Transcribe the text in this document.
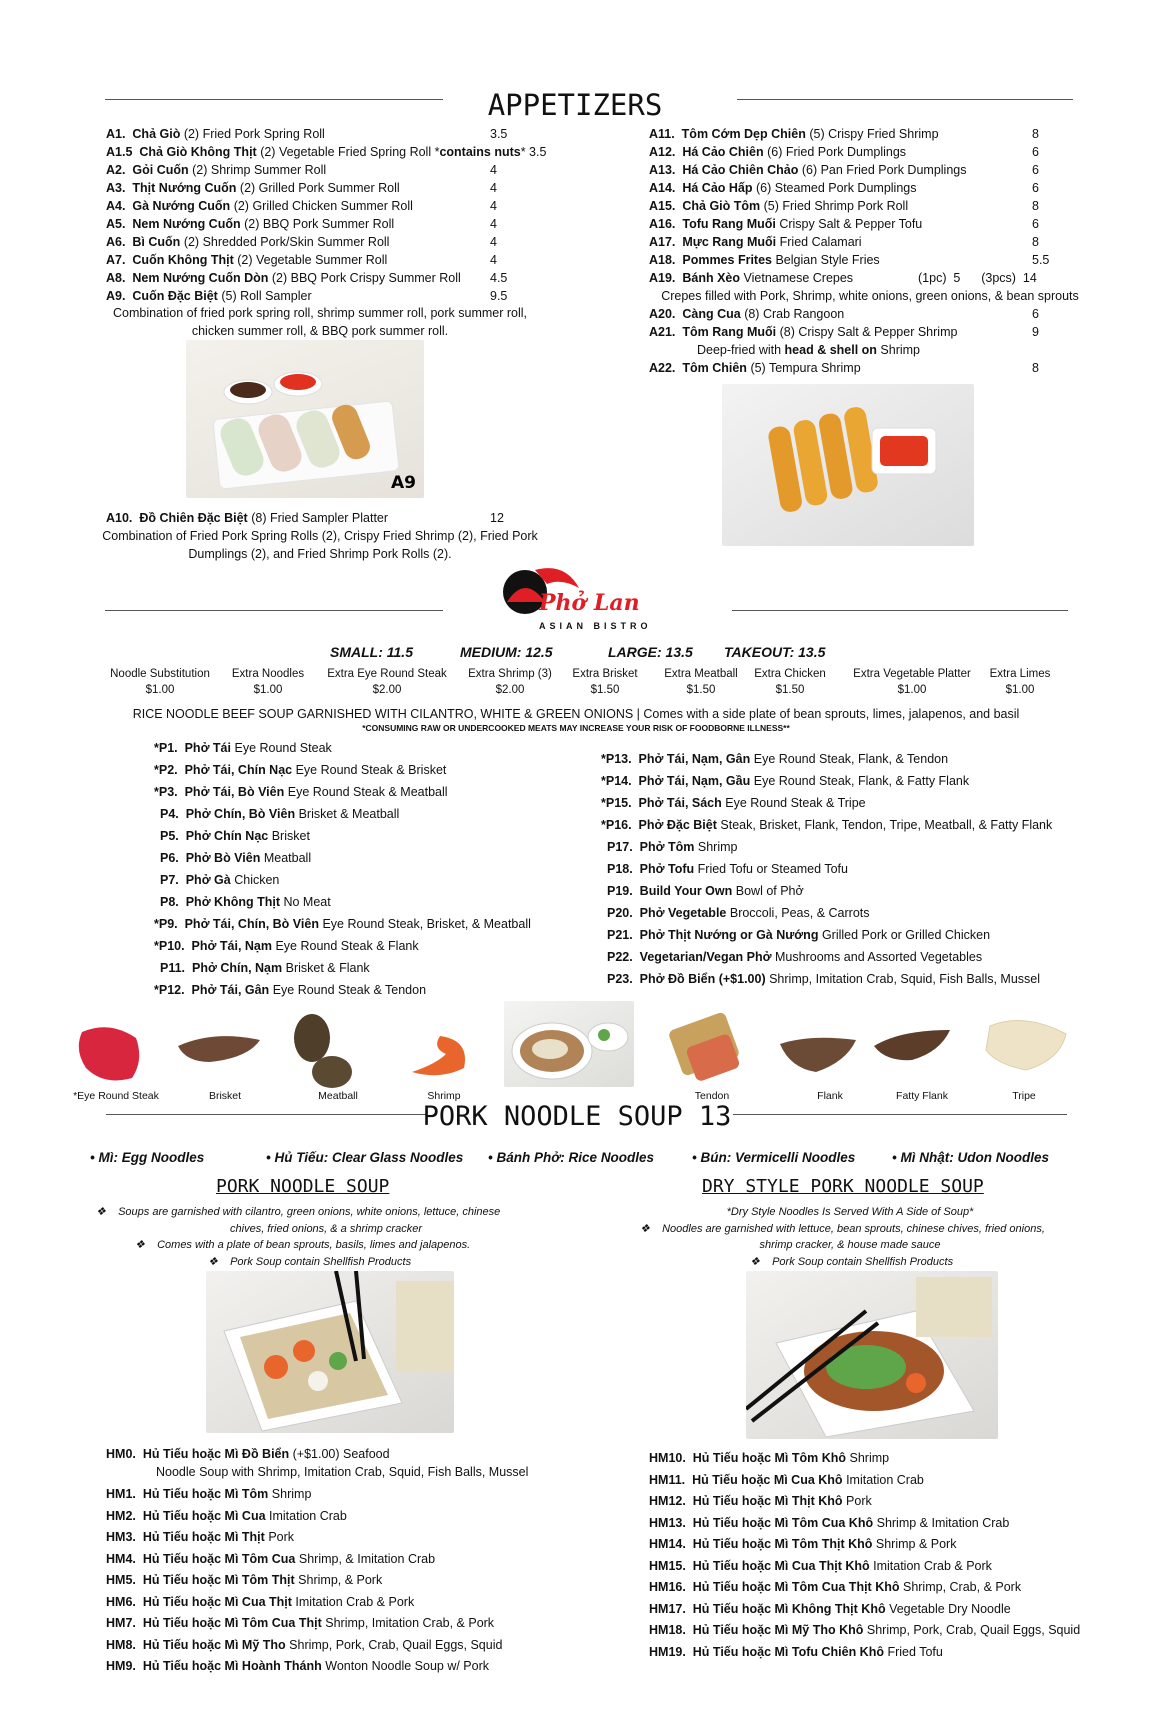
APPETIZERS
A1. Chả Giò (2) Fried Pork Spring Roll	3.5
A1.5 Chả Giò Không Thịt (2) Vegetable Fried Spring Roll *contains nuts* 3.5
A2. Gỏi Cuốn (2) Shrimp Summer Roll	4
A3. Thịt Nướng Cuốn (2) Grilled Pork Summer Roll	4
A4. Gà Nướng Cuốn (2) Grilled Chicken Summer Roll	4
A5. Nem Nướng Cuốn (2) BBQ Pork Summer Roll	4
A6. Bì Cuốn (2) Shredded Pork/Skin Summer Roll	4
A7. Cuốn Không Thịt (2) Vegetable Summer Roll	4
A8. Nem Nướng Cuốn Dòn (2) BBQ Pork Crispy Summer Roll 4.5
A9. Cuốn Đặc Biệt (5) Roll Sampler	9.5
A11. Tôm Cớm Dẹp Chiên (5) Crispy Fried Shrimp	8
A12. Há Cảo Chiên (6) Fried Pork Dumplings	6
A13. Há Cảo Chiên Chảo (6) Pan Fried Pork Dumplings	6
A14. Há Cảo Hấp (6) Steamed Pork Dumplings	6
A15. Chả Giò Tôm (5) Fried Shrimp Pork Roll	8
A16. Tofu Rang Muối Crispy Salt & Pepper Tofu	6
A17. Mực Rang Muối Fried Calamari	8
A18. Pommes Frites Belgian Style Fries	5.5
A19. Bánh Xèo Vietnamese Crepes	(1pc)  5      (3pcs)  14
Combination of fried pork spring roll, shrimp summer roll, pork summer roll,
chicken summer roll, & BBQ pork summer roll.
A9
A10. Đồ Chiên Đặc Biệt (8) Fried Sampler Platter	12
Combination of Fried Pork Spring Rolls (2), Crispy Fried Shrimp (2), Fried Pork
Dumplings (2), and Fried Shrimp Pork Rolls (2).
Crepes filled with Pork, Shrimp, white onions, green onions, & bean sprouts
A20. Càng Cua (8) Crab Rangoon	6
A21. Tôm Rang Muối (8) Crispy Salt & Pepper Shrimp	9
Deep-fried with head & shell on Shrimp
A22. Tôm Chiên (5) Tempura Shrimp	8
Phở Lan
ASIAN BISTRO
SMALL: 11.5	MEDIUM: 12.5	LARGE: 13.5 TAKEOUT: 13.5
Noodle Substitution
$1.00
Extra Noodles
$1.00
Extra Eye Round Steak
$2.00
Extra Shrimp (3)
$2.00
Extra Brisket
$1.50
Extra Meatball
$1.50
Extra Chicken
$1.50
Extra Vegetable Platter
$1.00
Extra Limes
$1.00
RICE NOODLE BEEF SOUP GARNISHED WITH CILANTRO, WHITE & GREEN ONIONS | Comes with a side plate of bean sprouts, limes, jalapenos, and basil
*CONSUMING RAW OR UNDERCOOKED MEATS MAY INCREASE YOUR RISK OF FOODBORNE ILLNESS**
*P1. Phở Tái Eye Round Steak
*P2. Phở Tái, Chín Nạc Eye Round Steak & Brisket
*P3. Phở Tái, Bò Viên Eye Round Steak & Meatball
P4. Phở Chín, Bò Viên Brisket & Meatball
P5. Phở Chín Nạc Brisket
P6. Phở Bò Viên Meatball
P7. Phở Gà Chicken
P8. Phở Không Thịt No Meat
*P9. Phở Tái, Chín, Bò Viên Eye Round Steak, Brisket, & Meatball
*P10. Phở Tái, Nạm Eye Round Steak & Flank
P11. Phở Chín, Nạm Brisket & Flank
*P12. Phở Tái, Gân Eye Round Steak & Tendon
*P13. Phở Tái, Nạm, Gân Eye Round Steak, Flank, & Tendon
*P14. Phở Tái, Nạm, Gầu Eye Round Steak, Flank, & Fatty Flank
*P15. Phở Tái, Sách Eye Round Steak & Tripe
*P16. Phở Đặc Biệt Steak, Brisket, Flank, Tendon, Tripe, Meatball, & Fatty Flank
P17. Phở Tôm Shrimp
P18. Phở Tofu Fried Tofu or Steamed Tofu
P19. Build Your Own Bowl of Phở
P20. Phở Vegetable Broccoli, Peas, & Carrots
P21. Phở Thịt Nướng or Gà Nướng Grilled Pork or Grilled Chicken
P22. Vegetarian/Vegan Phở Mushrooms and Assorted Vegetables
P23. Phở Đồ Biển (+$1.00) Shrimp, Imitation Crab, Squid, Fish Balls, Mussel
*Eye Round Steak	Brisket	Meatball	Shrimp	Tendon	Flank	Fatty Flank	Tripe
PORK NOODLE SOUP 13
• Mì: Egg Noodles	• Hủ Tiếu: Clear Glass Noodles • Bánh Phở: Rice Noodles	• Bún: Vermicelli Noodles	• Mì Nhật: Udon Noodles
PORK NOODLE SOUP	DRY STYLE PORK NOODLE SOUP
❖    Soups are garnished with cilantro, green onions, white onions, lettuce, chinese
chives, fried onions, & a shrimp cracker
❖    Comes with a plate of bean sprouts, basils, limes and jalapenos.
❖    Pork Soup contain Shellfish Products
*Dry Style Noodles Is Served With A Side of Soup*
❖    Noodles are garnished with lettuce, bean sprouts, chinese chives, fried onions,
shrimp cracker, & house made sauce
❖    Pork Soup contain Shellfish Products
HM0. Hủ Tiếu hoặc Mì Đồ Biển (+$1.00) Seafood
Noodle Soup with Shrimp, Imitation Crab, Squid, Fish Balls, Mussel
HM1. Hủ Tiếu hoặc Mì Tôm Shrimp
HM2. Hủ Tiếu hoặc Mì Cua Imitation Crab
HM3. Hủ Tiếu hoặc Mì Thịt Pork
HM4. Hủ Tiếu hoặc Mì Tôm Cua Shrimp, & Imitation Crab
HM5. Hủ Tiếu hoặc Mì Tôm Thịt Shrimp, & Pork
HM6. Hủ Tiếu hoặc Mì Cua Thịt Imitation Crab & Pork
HM7. Hủ Tiếu hoặc Mì Tôm Cua Thịt Shrimp, Imitation Crab, & Pork
HM8. Hủ Tiếu hoặc Mì Mỹ Tho Shrimp, Pork, Crab, Quail Eggs, Squid
HM9. Hủ Tiếu hoặc Mì Hoành Thánh Wonton Noodle Soup w/ Pork
HM10. Hủ Tiếu hoặc Mì Tôm Khô Shrimp
HM11. Hủ Tiếu hoặc Mì Cua Khô Imitation Crab
HM12. Hủ Tiếu hoặc Mì Thịt Khô Pork
HM13. Hủ Tiếu hoặc Mì Tôm Cua Khô Shrimp & Imitation Crab
HM14. Hủ Tiếu hoặc Mì Tôm Thịt Khô Shrimp & Pork
HM15. Hủ Tiếu hoặc Mì Cua Thịt Khô Imitation Crab & Pork
HM16. Hủ Tiếu hoặc Mì Tôm Cua Thịt Khô Shrimp, Crab, & Pork
HM17. Hủ Tiếu hoặc Mì Không Thịt Khô Vegetable Dry Noodle
HM18. Hủ Tiếu hoặc Mì Mỹ Tho Khô Shrimp, Pork, Crab, Quail Eggs, Squid
HM19. Hủ Tiếu hoặc Mì Tofu Chiên Khô Fried Tofu
